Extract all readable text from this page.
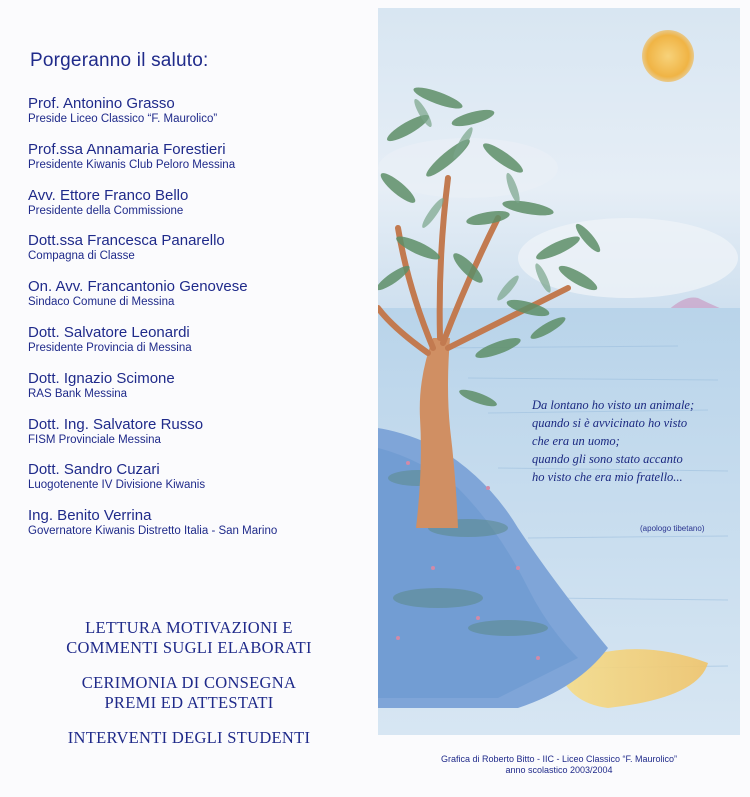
Porgeranno il saluto:
Prof. Antonino Grasso
Preside Liceo Classico “F. Maurolico”
Prof.ssa Annamaria Forestieri
Presidente Kiwanis Club Peloro Messina
Avv. Ettore Franco Bello
Presidente della Commissione
Dott.ssa Francesca Panarello
Compagna di Classe
On. Avv. Francantonio Genovese
Sindaco Comune di Messina
Dott. Salvatore Leonardi
Presidente Provincia di Messina
Dott. Ignazio Scimone
RAS Bank Messina
Dott. Ing. Salvatore Russo
FISM Provinciale Messina
Dott. Sandro Cuzari
Luogotenente IV Divisione Kiwanis
Ing. Benito Verrina
Governatore Kiwanis Distretto Italia - San Marino
LETTURA MOTIVAZIONI E
COMMENTI SUGLI ELABORATI
CERIMONIA DI CONSEGNA
PREMI ED ATTESTATI
INTERVENTI DEGLI STUDENTI
Da lontano ho visto un animale;
quando si è avvicinato ho visto
che era un uomo;
quando gli sono stato accanto
ho visto che era mio fratello...
(apologo tibetano)
Grafica di Roberto Bitto - IIC - Liceo Classico “F. Maurolico”
anno scolastico 2003/2004
